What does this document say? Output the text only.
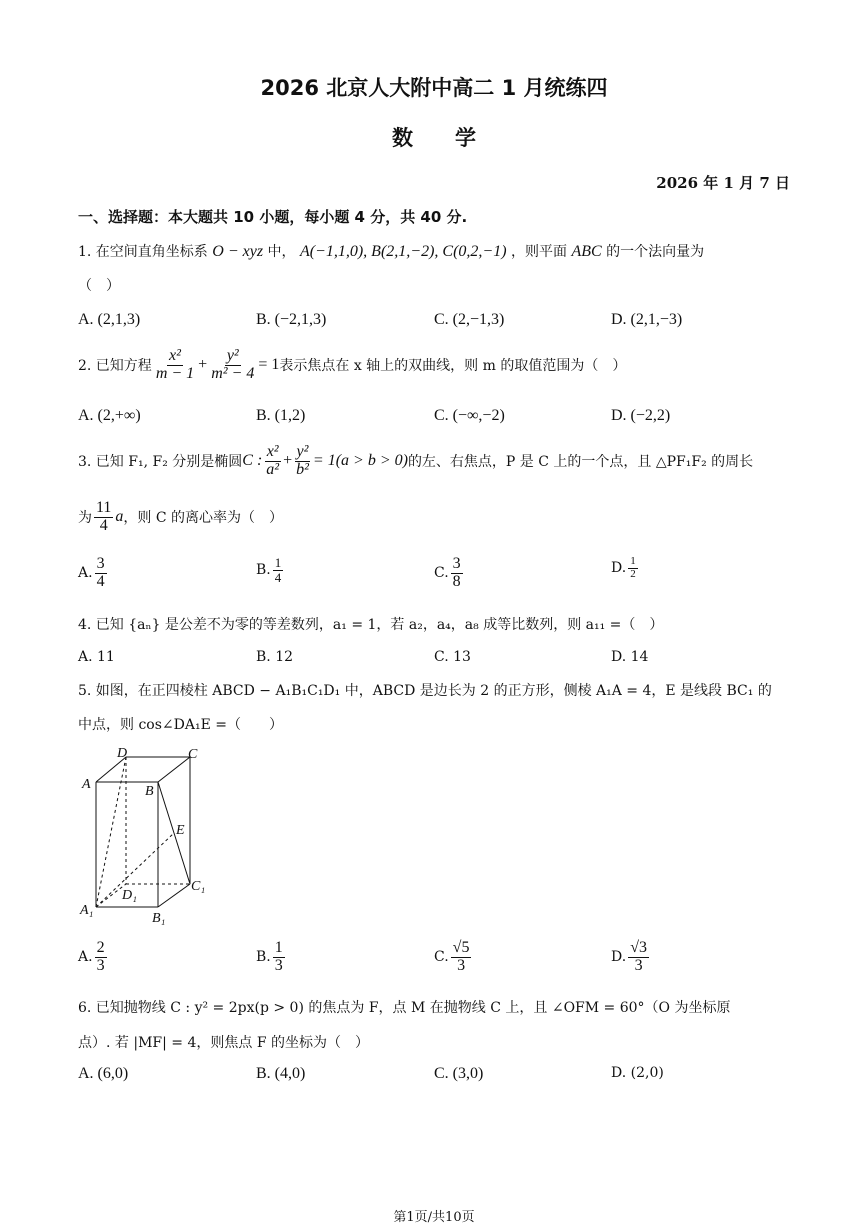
2026 北京人大附中高二 1 月统练四
数　　学
2026 年 1 月 7 日
一、选择题：本大题共 10 小题，每小题 4 分，共 40 分.
1. 在空间直角坐标系 O − xyz 中， A(−1,1,0), B(2,1,−2), C(0,2,−1) ，则平面 ABC 的一个法向量为
（　）
A. (2,1,3)	B. (−2,1,3)	C. (2,−1,3)	D. (2,1,−3)
2. 已知方程 $\frac{\text{x²}}{m - 1} + \frac{\text{y²}}{\text{m² − 4}} = 1$ 表示焦点在 x 轴上的双曲线，则 m 的取值范围为（　）
A. (2,+∞)	B. (1,2)	C. (−∞,−2)	D. (−2,2)
3. 已知 F₁, F₂ 分别是椭圆 C : $\frac{\text{x²}}{\text{a²}} + \frac{\text{y²}}{\text{b²}} = 1(a > b > 0)$ 的左、右焦点，P 是 C 上的一个点，且 △PF₁F₂ 的周长
为 $\frac{11}{4}$ a ，则 C 的离心率为（　）
A. $\frac{3}{4}$	B. $\frac{1}{4}$	C. $\frac{3}{8}$	D. $\frac{1}{2}$
4. 已知 {aₙ} 是公差不为零的等差数列，a₁ = 1，若 a₂，a₄，a₈ 成等比数列，则 a₁₁ =（　）
A. 11	B. 12	C. 13	D. 14
5. 如图，在正四棱柱 ABCD − A₁B₁C₁D₁ 中，ABCD 是边长为 2 的正方形，侧棱 A₁A = 4，E 是线段 BC₁ 的
中点，则 cos∠DA₁E =（　　）
A	B
C
D
E
A₁
B₁
C₁
D₁
A. $\frac{2}{3}$	B. $\frac{1}{3}$	C. $\frac{√5}{3}$	D. $\frac{√3}{3}$
6. 已知抛物线 C : y² = 2px(p > 0) 的焦点为 F，点 M 在抛物线 C 上，且 ∠OFM = 60°（O 为坐标原
点）. 若 |MF| = 4，则焦点 F 的坐标为（　）
A. (6,0)	B. (4,0)	C. (3,0)	D. (2,0)
第1页/共10页
